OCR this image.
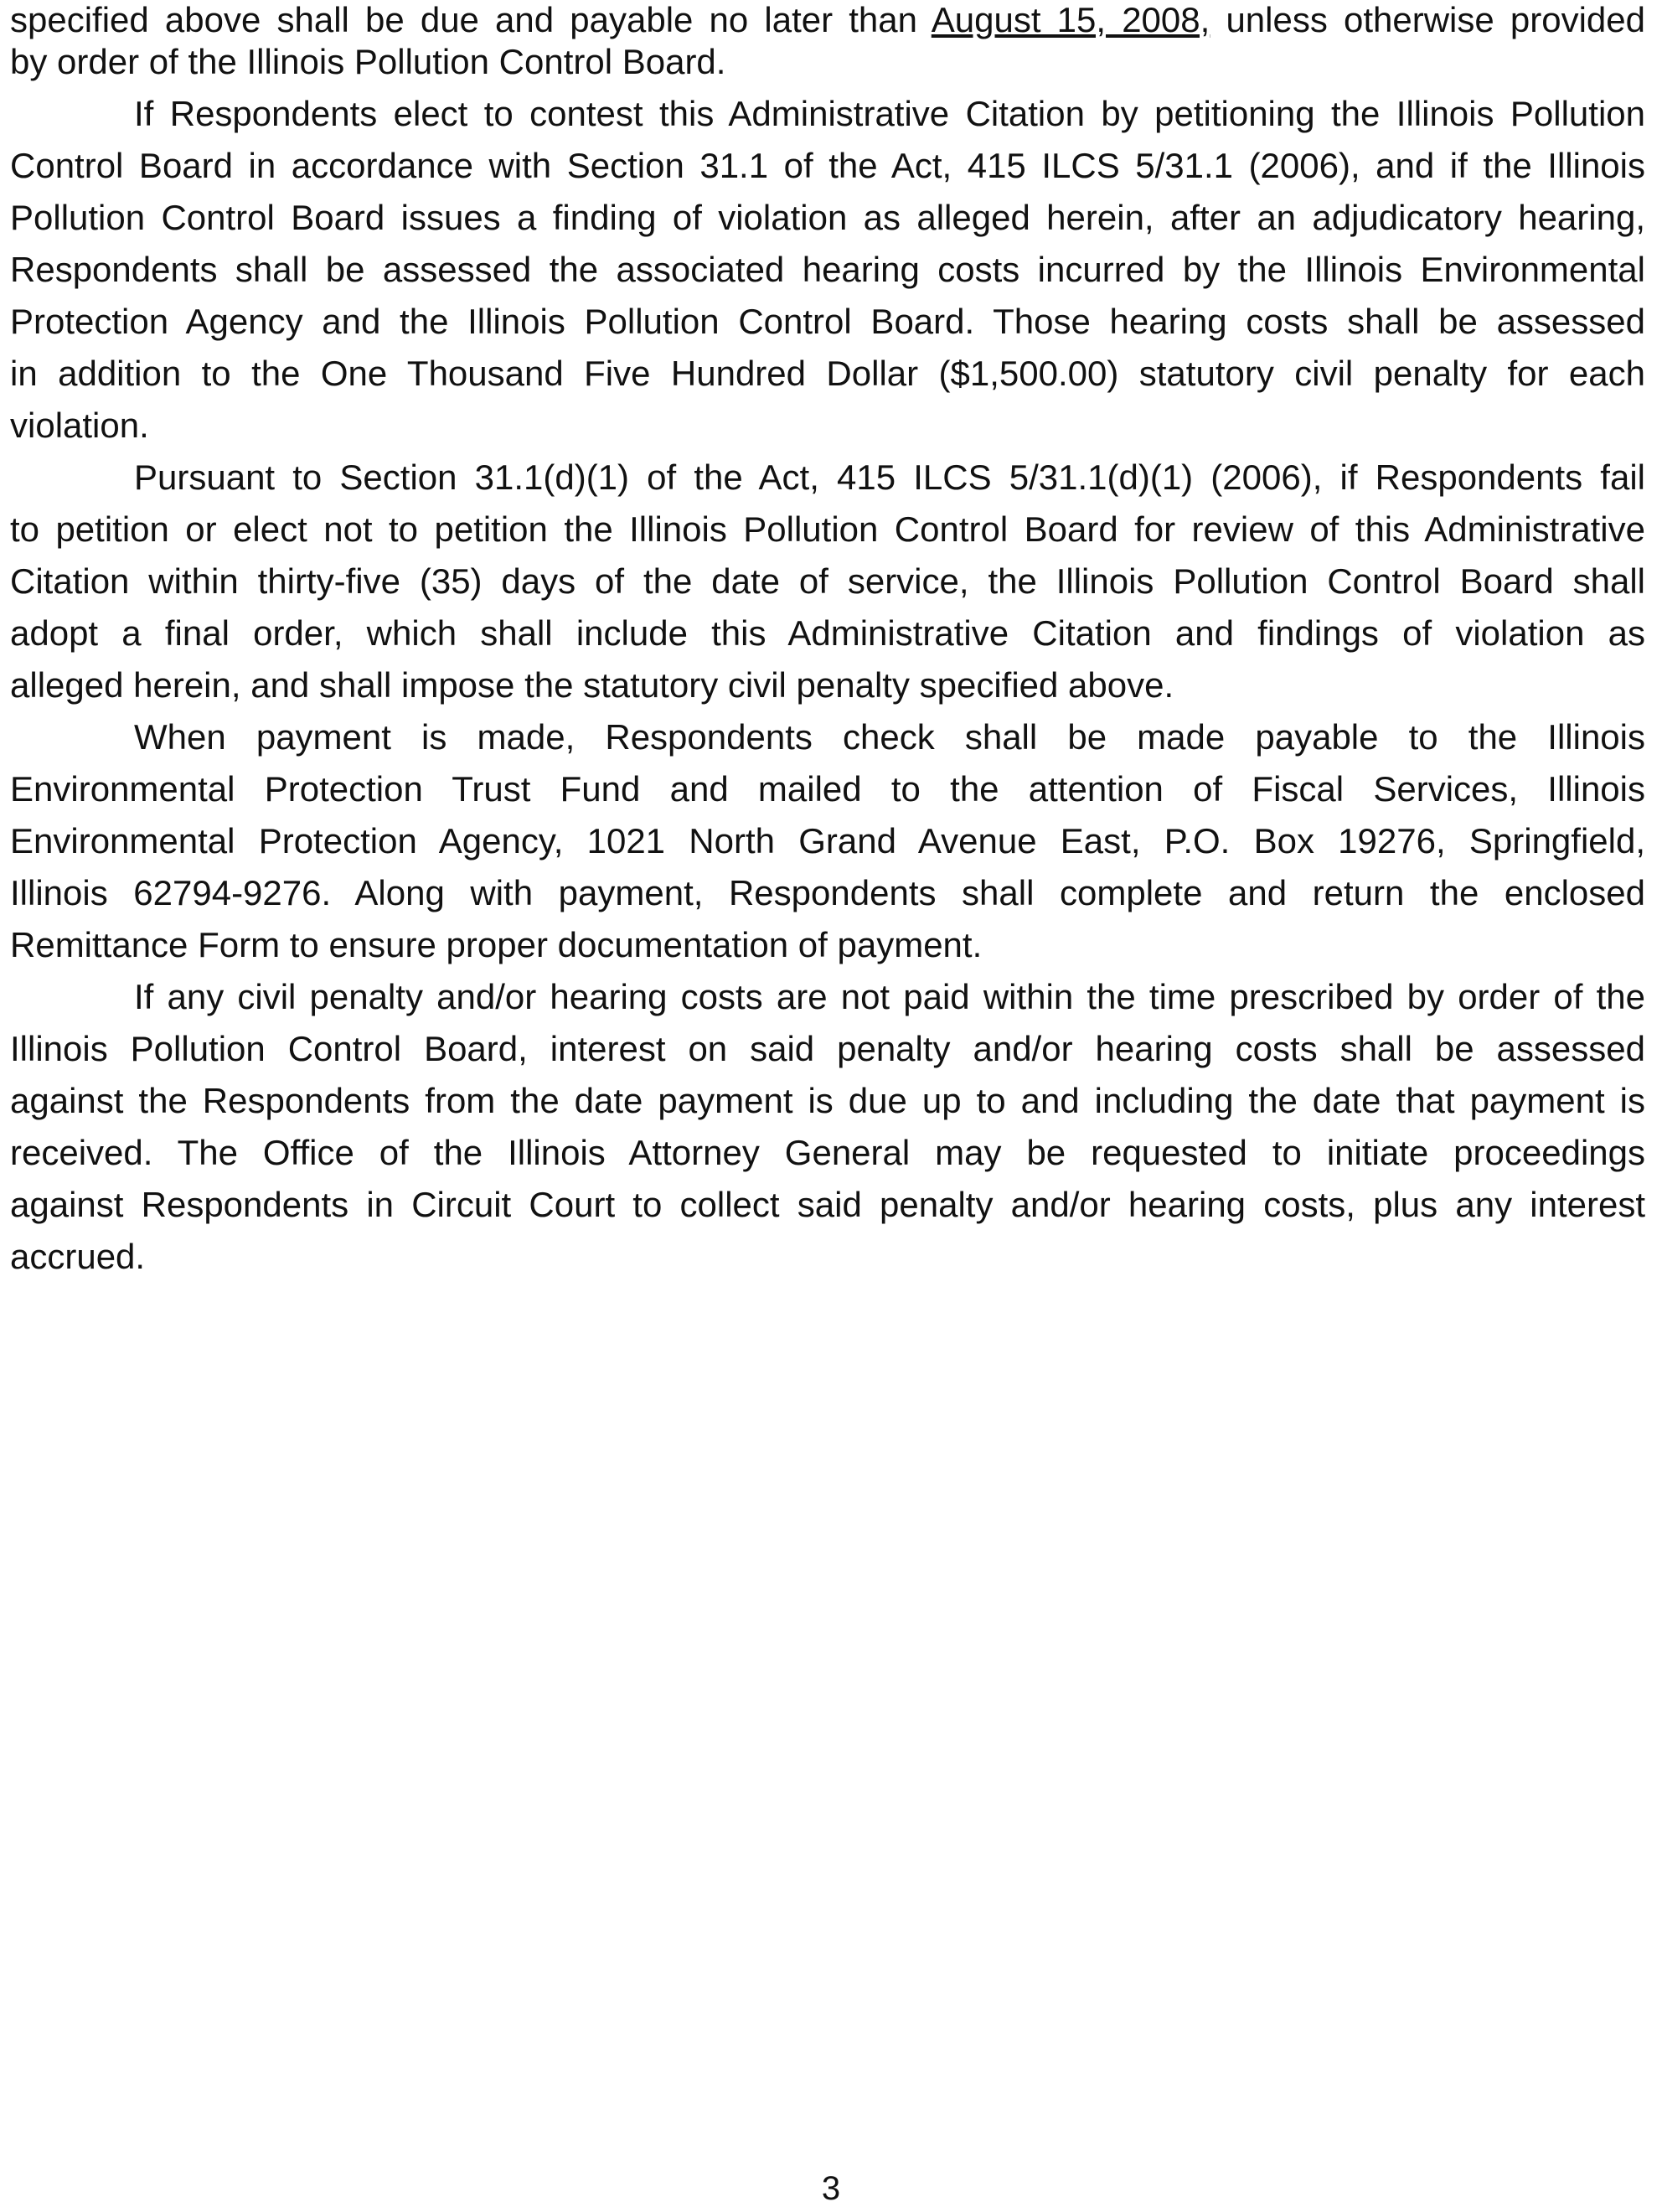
specified above shall be due and payable no later than August 15, 2008, unless otherwise provided
by order of the Illinois Pollution Control Board.
If Respondents elect to contest this Administrative Citation by petitioning the Illinois Pollution
Control Board in accordance with Section 31.1 of the Act, 415 ILCS 5/31.1 (2006), and if the Illinois
Pollution Control Board issues a finding of violation as alleged herein, after an adjudicatory hearing,
Respondents shall be assessed the associated hearing costs incurred by the Illinois Environmental
Protection Agency and the Illinois Pollution Control Board. Those hearing costs shall be assessed
in addition to the One Thousand Five Hundred Dollar ($1,500.00) statutory civil penalty for each
violation.
Pursuant to Section 31.1(d)(1) of the Act, 415 ILCS 5/31.1(d)(1) (2006), if Respondents fail
to petition or elect not to petition the Illinois Pollution Control Board for review of this Administrative
Citation within thirty-five (35) days of the date of service, the Illinois Pollution Control Board shall
adopt a final order, which shall include this Administrative Citation and findings of violation as
alleged herein, and shall impose the statutory civil penalty specified above.
When payment is made, Respondents check shall be made payable to the Illinois
Environmental Protection Trust Fund and mailed to the attention of Fiscal Services, Illinois
Environmental Protection Agency, 1021 North Grand Avenue East, P.O. Box 19276, Springfield,
Illinois 62794-9276. Along with payment, Respondents shall complete and return the enclosed
Remittance Form to ensure proper documentation of payment.
If any civil penalty and/or hearing costs are not paid within the time prescribed by order of the
Illinois Pollution Control Board, interest on said penalty and/or hearing costs shall be assessed
against the Respondents from the date payment is due up to and including the date that payment is
received. The Office of the Illinois Attorney General may be requested to initiate proceedings
against Respondents in Circuit Court to collect said penalty and/or hearing costs, plus any interest
accrued.
3
